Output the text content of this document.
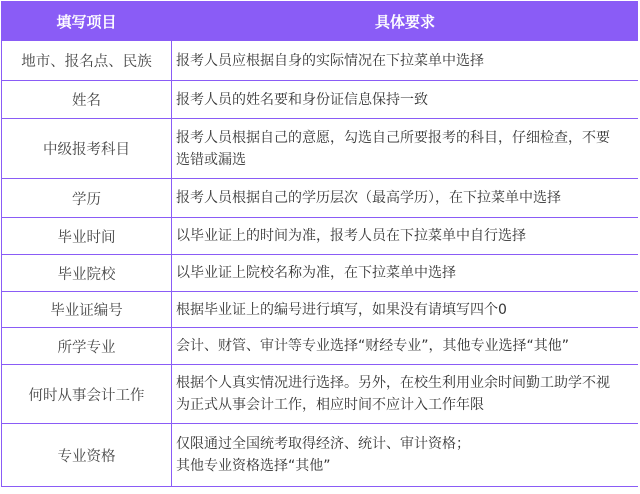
填写项目	具体要求
地市、报名点、民族	报考人员应根据自身的实际情况在下拉菜单中选择

姓名	报考人员的姓名要和身份证信息保持一致

中级报考科目	报考人员根据自己的意愿，勾选自己所要报考的科目，仔细检查，不要
选错或漏选

学历	报考人员根据自己的学历层次（最高学历），在下拉菜单中选择

毕业时间	以毕业证上的时间为准，报考人员在下拉菜单中自行选择

毕业院校	以毕业证上院校名称为准，在下拉菜单中选择

毕业证编号	根据毕业证上的编号进行填写，如果没有请填写四个0

所学专业	会计、财管、审计等专业选择“财经专业”，其他专业选择“其他”

何时从事会计工作	根据个人真实情况进行选择。另外，在校生利用业余时间勤工助学不视
为正式从事会计工作，相应时间不应计入工作年限

专业资格	仅限通过全国统考取得经济、统计、审计资格；
其他专业资格选择“其他”
